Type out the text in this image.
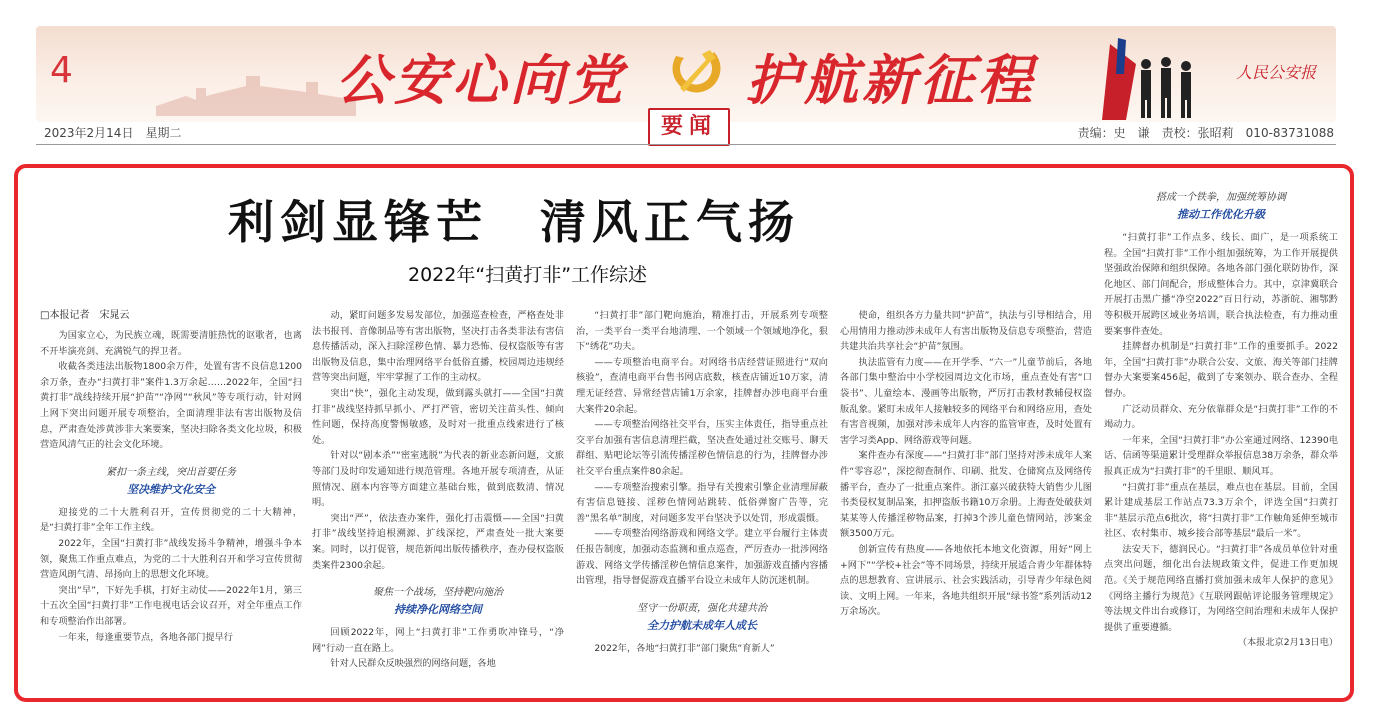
4	公安心向党 护航新征程	人民公安报
要闻
2023年2月14日　星期二	责编：史　谦　责校：张昭莉　010-83731088
利剑显锋芒　清风正气扬
2022年“扫黄打非”工作综述
□本报记者　宋晁云

为国家立心，为民族立魂，既需要清脏热忱的讴歌者，也离不开毕演亮剑、充满锐气的捍卫者。

收截各类违法出版物1800余万件，处置有害不良信息1200余万条，查办“扫黄打非”案件1.3万余起……2022年，全国“扫黄打非”战线持续开展“护苗”“净网”“秋风”等专项行动，针对网上网下突出问题开展专项整治，全面清理非法有害出版物及信息，严肃查处涉黄涉非大案要案，坚决扫除各类文化垃圾，积极营造风清气正的社会文化环境。

紧扣一条主线，突出首要任务
坚决维护文化安全

迎接党的二十大胜利召开，宣传贯彻党的二十大精神，是“扫黄打非”全年工作主线。

2022年，全国“扫黄打非”战线发扬斗争精神，增强斗争本领，聚焦工作重点难点，为党的二十大胜利召开和学习宣传贯彻营造风朗气清、昂扬向上的思想文化环境。

突出“早”，下好先手棋，打好主动仗——2022年1月，第三十五次全国“扫黄打非”工作电视电话会议召开，对全年重点工作和专项整治作出部署。

一年来，每逢重要节点，各地各部门提早行

动，紧盯问题多发易发部位，加强巡查检查，严格查处非法书报刊、音像制品等有害出版物，坚决打击各类非法有害信息传播活动，深入扫除淫秽色情、暴力恐怖、侵权盗版等有害出版物及信息，集中治理网络平台低俗直播，校园周边违规经营等突出问题，牢牢掌握了工作的主动权。

突出“快”，强化主动发现，做到露头就打——全国“扫黄打非”战线坚持抓早抓小、严打严管，密切关注苗头性、倾向性问题，保持高度警惕敏感，及时对一批重点线索进行了核处。

针对以“剧本杀”“密室逃脱”为代表的新业态新问题，文旅等部门及时印发通知进行规范管理。各地开展专项清查，从证照情况、剧本内容等方面建立基础台账，做到底数清、情况明。

突出“严”，依法查办案件，强化打击震慑——全国“扫黄打非”战线坚持追根溯源、扩线深挖，严肃查处一批大案要案。同时，以打促管，规范新闻出版传播秩序，查办侵权盗版类案件2300余起。

聚焦一个战场，坚持靶向施治
持续净化网络空间

回顾2022年，网上“扫黄打非”工作勇吹冲锋号，“净网”行动一直在路上。

针对人民群众反映强烈的网络问题，各地

“扫黄打非”部门靶向施治，精准打击，开展系列专项整治，一类平台一类平台地清理、一个领域一个领域地净化，狠下“绣花”功夫。

——专项整治电商平台。对网络书店经营证照进行“双向核验”，查清电商平台售书网店底数，核查店铺近10万家，清理无证经营、异常经营店铺1万余家，挂牌督办涉电商平台重大案件20余起。

——专项整治网络社交平台，压实主体责任，指导重点社交平台加强有害信息清理拦截，坚决查处通过社交账号、聊天群组、贴吧论坛等引流传播淫秽色情信息的行为，挂牌督办涉社交平台重点案件80余起。

——专项整治搜索引擎。指导有关搜索引擎企业清理屏蔽有害信息链接、淫秽色情网站跳转、低俗弹窗广告等，完善“黑名单”制度，对问题多发平台坚决予以处罚，形成震慑。

——专项整治网络游戏和网络文学。建立平台履行主体责任报告制度，加强动态监测和重点巡查，严厉查办一批涉网络游戏、网络文学传播淫秽色情信息案件，加强游戏直播内容播出管理，指导督促游戏直播平台设立未成年人防沉迷机制。

坚守一份职责，强化共建共治
全力护航未成年人成长

2022年，各地“扫黄打非”部门聚焦“育新人”

使命，组织各方力量共同“护苗”，执法与引导相结合，用心用情用力推动涉未成年人有害出版物及信息专项整治，营造共建共治共享社会“护苗”氛围。

执法监管有力度——在开学季、“六一”儿童节前后，各地各部门集中整治中小学校园周边文化市场，重点查处有害“口袋书”、儿童绘本、漫画等出版物，严厉打击教材教辅侵权盗版乱象。紧盯未成年人接触较多的网络平台和网络应用，查处有害音视频，加强对涉未成年人内容的监管审查，及时处置有害学习类App、网络游戏等问题。

案件查办有深度——“扫黄打非”部门坚持对涉未成年人案件“零容忍”，深挖彻查制作、印刷、批发、仓储窝点及网络传播平台，查办了一批重点案件。浙江嘉兴破获特大销售少儿图书类侵权复制品案，扣押盗版书籍10万余册。上海查处破获刘某某等人传播淫秽物品案，打掉3个涉儿童色情网站，涉案金额3500万元。

创新宣传有热度——各地依托本地文化资源，用好“网上+网下”“学校+社会”等不同场景，持续开展适合青少年群体特点的思想教育、宣讲展示、社会实践活动，引导青少年绿色阅读、文明上网。一年来，各地共组织开展“绿书签”系列活动12万余场次。

搭成一个铁拳，加强统筹协调
推动工作优化升级

“扫黄打非”工作点多、线长、面广，是一项系统工程。全国“扫黄打非”工作小组加强统筹，为工作开展提供坚强政治保障和组织保障。各地各部门强化联防协作，深化地区、部门间配合，形成整体合力。其中，京津冀联合开展打击黑广播“净空2022”百日行动，苏浙皖、湘鄂黔等积极开展跨区域业务培训，联合执法检查，有力推动重要案事件查处。

挂牌督办机制是“扫黄打非”工作的重要抓手。2022年，全国“扫黄打非”办联合公安、文旅、海关等部门挂牌督办大案要案456起，截到了专案领办、联合查办、全程督办。

广泛动员群众、充分依靠群众是“扫黄打非”工作的不竭动力。

一年来，全国“扫黄打非”办公室通过网络、12390电话、信函等渠道累计受理群众举报信息38万余条，群众举报真正成为“扫黄打非”的千里眼、顺风耳。

“扫黄打非”重点在基层，难点也在基层。目前，全国累计建成基层工作站点73.3万余个，评选全国“扫黄打非”基层示范点6批次，将“扫黄打非”工作触角延伸至城市社区、农村集市、城乡接合部等基层“最后一米”。

法安天下，德润民心。“扫黄打非”各成员单位针对重点突出问题，细化出台法规政策文件，促进工作更加规范。《关于规范网络直播打赏加强未成年人保护的意见》《网络主播行为规范》《互联网跟帖评论服务管理规定》等法规文件出台或修订，为网络空间治理和未成年人保护提供了重要遵循。

（本报北京2月13日电）
